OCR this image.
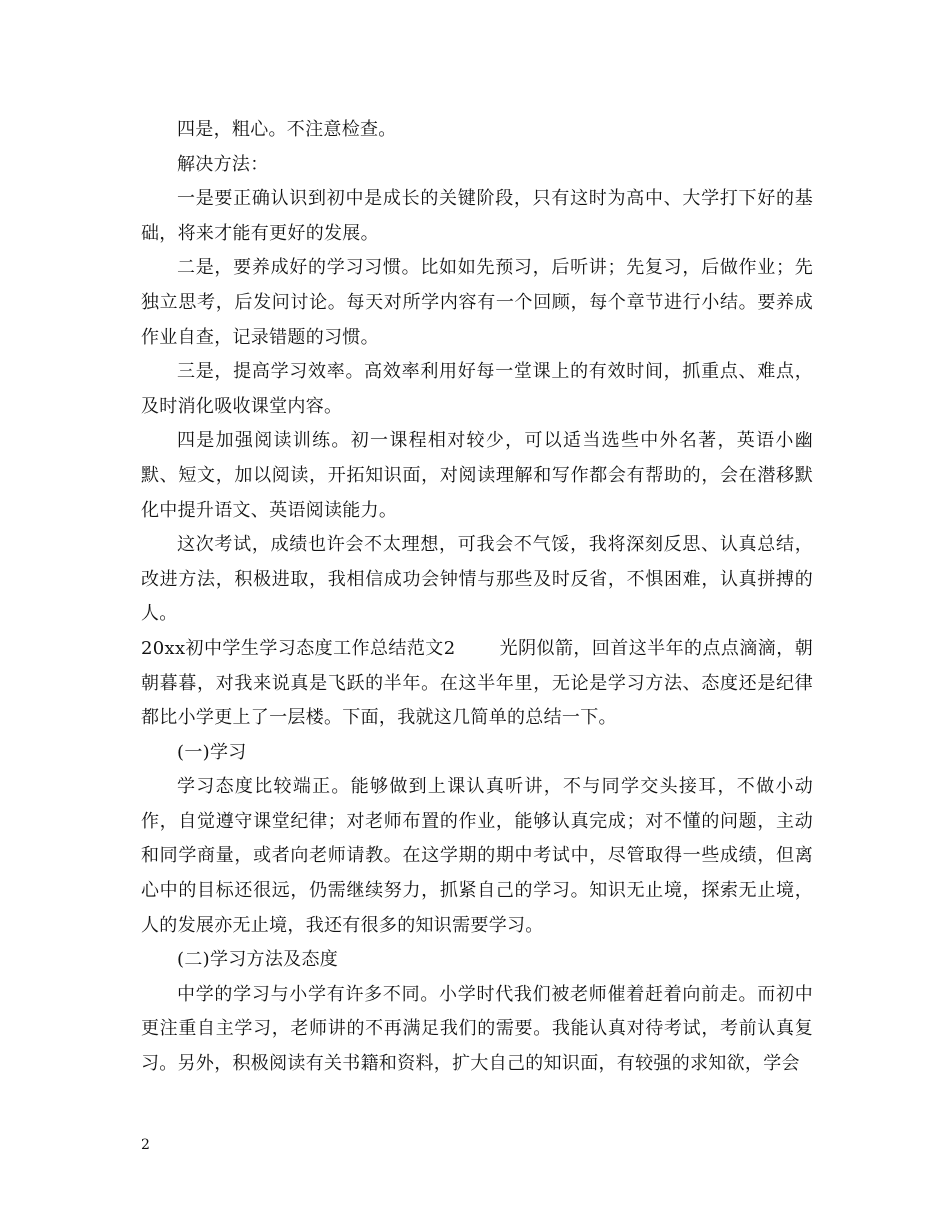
四是，粗心。不注意检查。

解决方法：

一是要正确认识到初中是成长的关键阶段，只有这时为高中、大学打下好的基础，将来才能有更好的发展。

二是，要养成好的学习习惯。比如如先预习，后听讲；先复习，后做作业；先独立思考，后发问讨论。每天对所学内容有一个回顾，每个章节进行小结。要养成作业自查，记录错题的习惯。

三是，提高学习效率。高效率利用好每一堂课上的有效时间，抓重点、难点，及时消化吸收课堂内容。

四是加强阅读训练。初一课程相对较少，可以适当选些中外名著，英语小幽默、短文，加以阅读，开拓知识面，对阅读理解和写作都会有帮助的，会在潜移默化中提升语文、英语阅读能力。

这次考试，成绩也许会不太理想，可我会不气馁，我将深刻反思、认真总结，改进方法，积极进取，我相信成功会钟情与那些及时反省，不惧困难，认真拼搏的人。

20xx初中学生学习态度工作总结范文2 光阴似箭，回首这半年的点点滴滴，朝朝暮暮，对我来说真是飞跃的半年。在这半年里，无论是学习方法、态度还是纪律都比小学更上了一层楼。下面，我就这几简单的总结一下。

(一)学习

学习态度比较端正。能够做到上课认真听讲，不与同学交头接耳，不做小动作，自觉遵守课堂纪律；对老师布置的作业，能够认真完成；对不懂的问题，主动和同学商量，或者向老师请教。在这学期的期中考试中，尽管取得一些成绩，但离心中的目标还很远，仍需继续努力，抓紧自己的学习。知识无止境，探索无止境，人的发展亦无止境，我还有很多的知识需要学习。

(二)学习方法及态度

中学的学习与小学有许多不同。小学时代我们被老师催着赶着向前走。而初中更注重自主学习，老师讲的不再满足我们的需要。我能认真对待考试，考前认真复习。另外，积极阅读有关书籍和资料，扩大自己的知识面，有较强的求知欲，学会

2
